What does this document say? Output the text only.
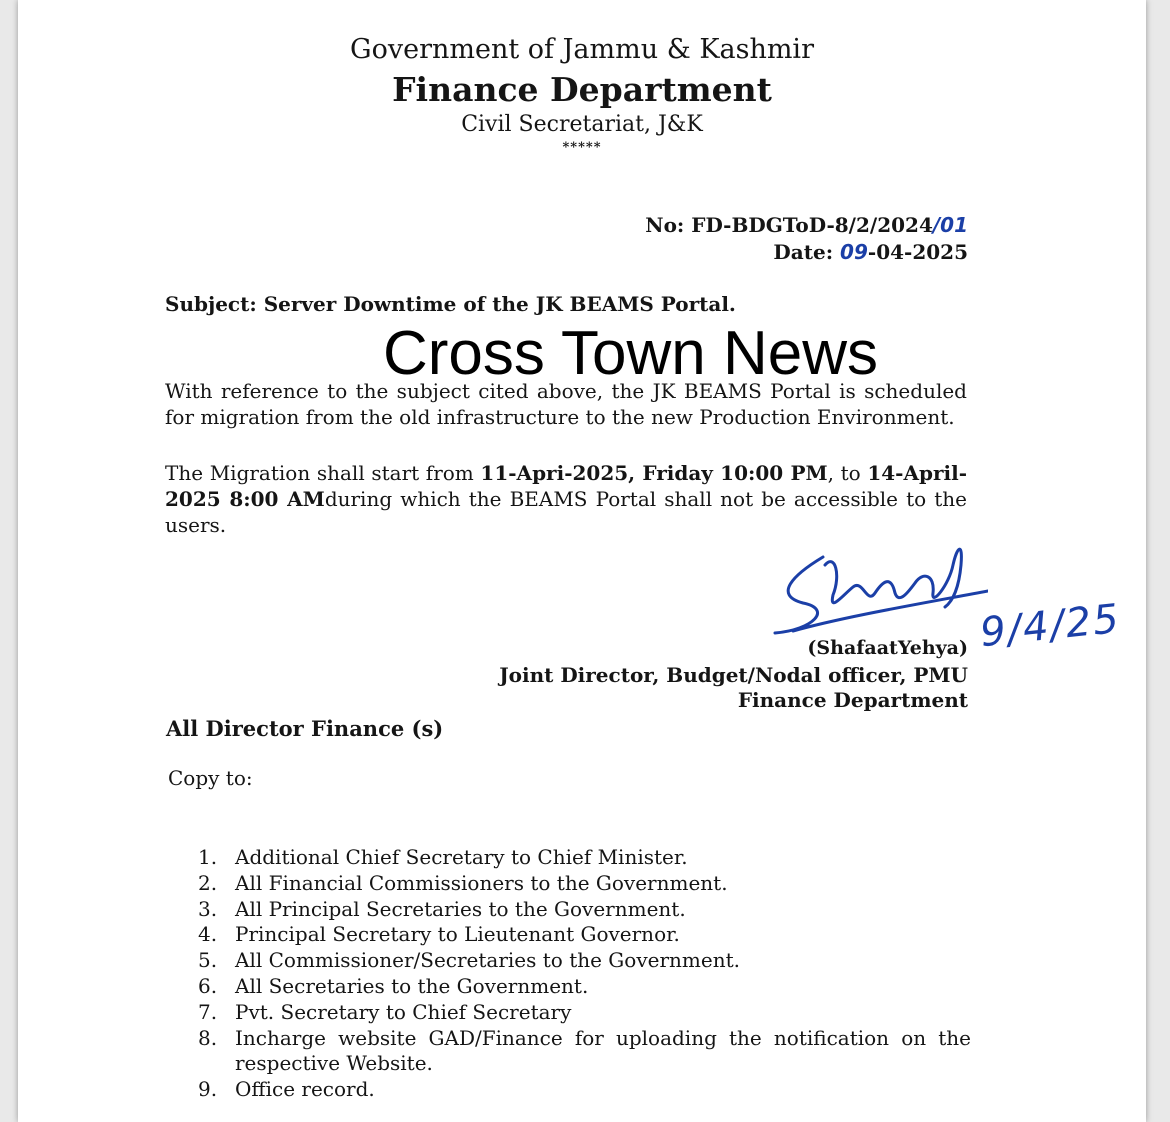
Government of Jammu & Kashmir
Finance Department
Civil Secretariat, J&K
*****
No: FD-BDGToD-8/2/2024/01
Date: 09-04-2025
Subject: Server Downtime of the JK BEAMS Portal.
With reference to the subject cited above, the JK BEAMS Portal is scheduled for migration from the old infrastructure to the new Production Environment.
The Migration shall start from 11-Apri-2025, Friday 10:00 PM, to 14-April-2025 8:00 AMduring which the BEAMS Portal shall not be accessible to the users.
Cross Town News
9/4/25
(ShafaatYehya)
Joint Director, Budget/Nodal officer, PMU
Finance Department
All Director Finance (s)
Copy to:
1. Additional Chief Secretary to Chief Minister.
2. All Financial Commissioners to the Government.
3. All Principal Secretaries to the Government.
4. Principal Secretary to Lieutenant Governor.
5. All Commissioner/Secretaries to the Government.
6. All Secretaries to the Government.
7. Pvt. Secretary to Chief Secretary
8. Incharge website GAD/Finance for uploading the notification on the respective Website.
9. Office record.
